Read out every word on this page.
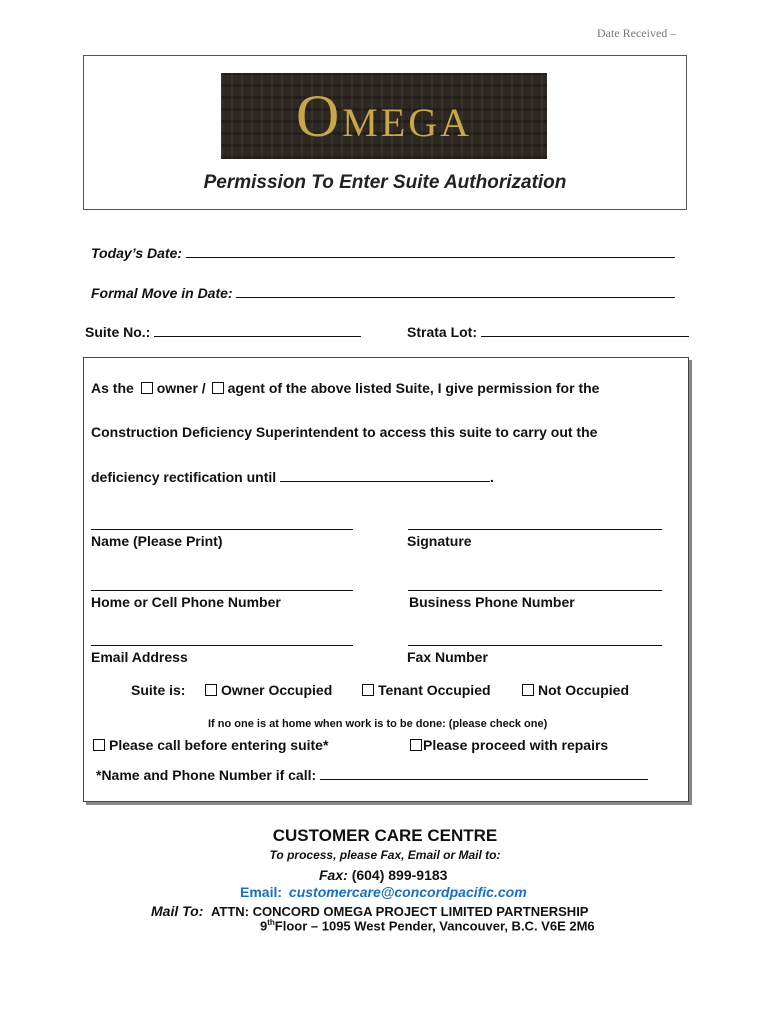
Date Received –
OMEGA
Permission To Enter Suite Authorization
Today’s Date:
Formal Move in Date:
Suite No.:	Strata Lot:
As the owner / agent of the above listed Suite, I give permission for the
Construction Deficiency Superintendent to access this suite to carry out the
deficiency rectification until	.
Name (Please Print)	Signature
Home or Cell Phone Number	Business Phone Number
Email Address	Fax Number
Suite is:	Owner Occupied	Tenant Occupied	Not Occupied
If no one is at home when work is to be done: (please check one)
Please call before entering suite*	Please proceed with repairs
*Name and Phone Number if call:
CUSTOMER CARE CENTRE
To process, please Fax, Email or Mail to:
Fax: (604) 899-9183
Email: customercare@concordpacific.com
Mail To: ATTN: CONCORD OMEGA PROJECT LIMITED PARTNERSHIP
9thFloor – 1095 West Pender, Vancouver, B.C. V6E 2M6
